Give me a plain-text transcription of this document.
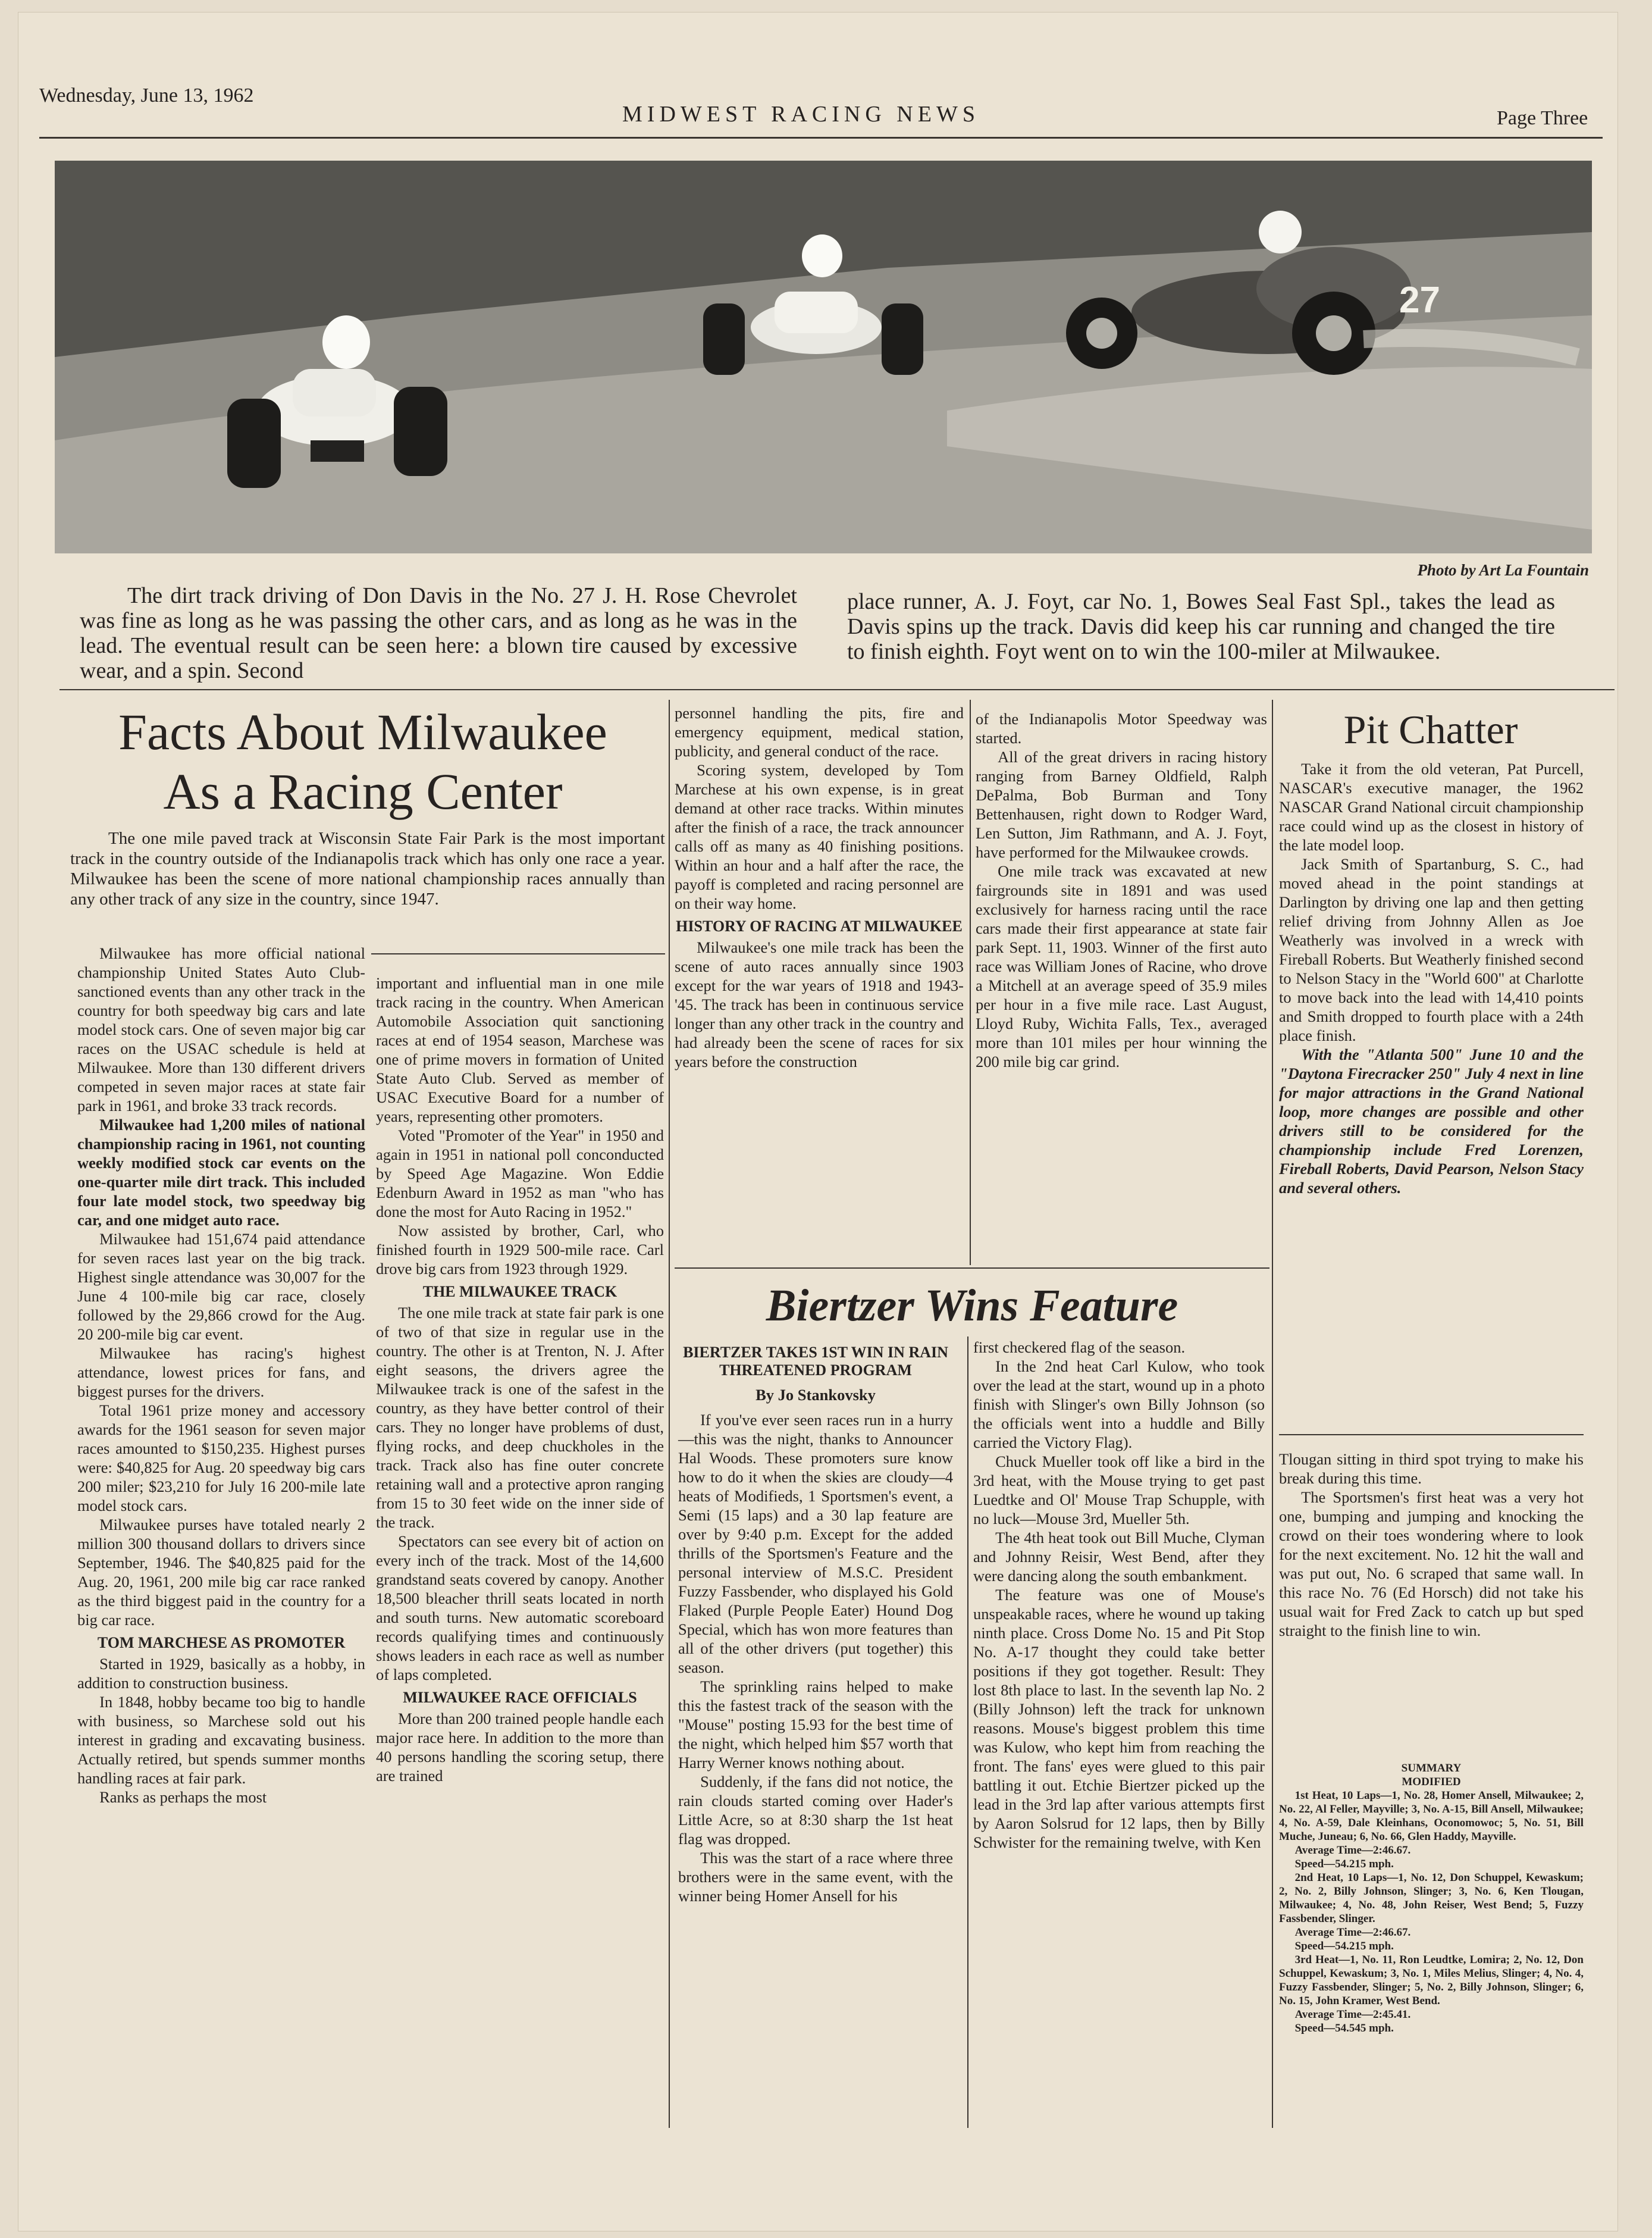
Wednesday, June 13, 1962
MIDWEST RACING NEWS	Page Three
27
Photo by Art La Fountain
The dirt track driving of Don Davis in the No. 27 J. H. Rose Chevrolet was fine as long as he was passing the other cars, and as long as he was in the lead. The eventual result can be seen here: a blown tire caused by excessive wear, and a spin. Second
place runner, A. J. Foyt, car No. 1, Bowes Seal Fast Spl., takes the lead as Davis spins up the track. Davis did keep his car running and changed the tire to finish eighth. Foyt went on to win the 100-miler at Milwaukee.
Facts About Milwaukee
As a Racing Center
The one mile paved track at Wisconsin State Fair Park is the most important track in the country outside of the Indianapolis track which has only one race a year. Milwaukee has been the scene of more national championship races annually than any other track of any size in the country, since 1947.

Milwaukee has more official national championship United States Auto Club-sanctioned events than any other track in the country for both speedway big cars and late model stock cars. One of seven major big car races on the USAC schedule is held at Milwaukee. More than 130 different drivers competed in seven major races at state fair park in 1961, and broke 33 track records.

Milwaukee had 1,200 miles of national championship racing in 1961, not counting weekly modified stock car events on the one-quarter mile dirt track. This included four late model stock, two speedway big car, and one midget auto race.

Milwaukee had 151,674 paid attendance for seven races last year on the big track. Highest single attendance was 30,007 for the June 4 100-mile big car race, closely followed by the 29,866 crowd for the Aug. 20 200-mile big car event.

Milwaukee has racing's highest attendance, lowest prices for fans, and biggest purses for the drivers.

Total 1961 prize money and accessory awards for the 1961 season for seven major races amounted to $150,235. Highest purses were: $40,825 for Aug. 20 speedway big cars 200 miler; $23,210 for July 16 200-mile late model stock cars.

Milwaukee purses have totaled nearly 2 million 300 thousand dollars to drivers since September, 1946. The $40,825 paid for the Aug. 20, 1961, 200 mile big car race ranked as the third biggest paid in the country for a big car race.

TOM MARCHESE AS PROMOTER

Started in 1929, basically as a hobby, in addition to construction business.

In 1848, hobby became too big to handle with business, so Marchese sold out his interest in grading and excavating business. Actually retired, but spends summer months handling races at fair park.

Ranks as perhaps the most

important and influential man in one mile track racing in the country. When American Automobile Association quit sanctioning races at end of 1954 season, Marchese was one of prime movers in formation of United State Auto Club. Served as member of USAC Executive Board for a number of years, representing other promoters.

Voted "Promoter of the Year" in 1950 and again in 1951 in national poll conconducted by Speed Age Magazine. Won Eddie Edenburn Award in 1952 as man "who has done the most for Auto Racing in 1952."

Now assisted by brother, Carl, who finished fourth in 1929 500-mile race. Carl drove big cars from 1923 through 1929.

THE MILWAUKEE TRACK

The one mile track at state fair park is one of two of that size in regular use in the country. The other is at Trenton, N. J. After eight seasons, the drivers agree the Milwaukee track is one of the safest in the country, as they have better control of their cars. They no longer have problems of dust, flying rocks, and deep chuckholes in the track. Track also has fine outer concrete retaining wall and a protective apron ranging from 15 to 30 feet wide on the inner side of the track.

Spectators can see every bit of action on every inch of the track. Most of the 14,600 grandstand seats covered by canopy. Another 18,500 bleacher thrill seats located in north and south turns. New automatic scoreboard records qualifying times and continuously shows leaders in each race as well as number of laps completed.

MILWAUKEE RACE OFFICIALS

More than 200 trained people handle each major race here. In addition to the more than 40 persons handling the scoring setup, there are trained

personnel handling the pits, fire and emergency equipment, medical station, publicity, and general conduct of the race.

Scoring system, developed by Tom Marchese at his own expense, is in great demand at other race tracks. Within minutes after the finish of a race, the track announcer calls off as many as 40 finishing positions. Within an hour and a half after the race, the payoff is completed and racing personnel are on their way home.

HISTORY OF RACING AT MILWAUKEE

Milwaukee's one mile track has been the scene of auto races annually since 1903 except for the war years of 1918 and 1943-'45. The track has been in continuous service longer than any other track in the country and had already been the scene of races for six years before the construction

of the Indianapolis Motor Speedway was started.

All of the great drivers in racing history ranging from Barney Oldfield, Ralph DePalma, Bob Burman and Tony Bettenhausen, right down to Rodger Ward, Len Sutton, Jim Rathmann, and A. J. Foyt, have performed for the Milwaukee crowds.

One mile track was excavated at new fairgrounds site in 1891 and was used exclusively for harness racing until the race cars made their first appearance at state fair park Sept. 11, 1903. Winner of the first auto race was William Jones of Racine, who drove a Mitchell at an average speed of 35.9 miles per hour in a five mile race. Last August, Lloyd Ruby, Wichita Falls, Tex., averaged more than 101 miles per hour winning the 200 mile big car grind.

Pit Chatter

Take it from the old veteran, Pat Purcell, NASCAR's executive manager, the 1962 NASCAR Grand National circuit championship race could wind up as the closest in history of the late model loop.

Jack Smith of Spartanburg, S. C., had moved ahead in the point standings at Darlington by driving one lap and then getting relief driving from Johnny Allen as Joe Weatherly was involved in a wreck with Fireball Roberts. But Weatherly finished second to Nelson Stacy in the "World 600" at Charlotte to move back into the lead with 14,410 points and Smith dropped to fourth place with a 24th place finish.

With the "Atlanta 500" June 10 and the "Daytona Firecracker 250" July 4 next in line for major attractions in the Grand National loop, more changes are possible and other drivers still to be considered for the championship include Fred Lorenzen, Fireball Roberts, David Pearson, Nelson Stacy and several others.

Biertzer Wins Feature

BIERTZER TAKES 1ST WIN IN RAIN THREATENED PROGRAM

By Jo Stankovsky

If you've ever seen races run in a hurry—this was the night, thanks to Announcer Hal Woods. These promoters sure know how to do it when the skies are cloudy—4 heats of Modifieds, 1 Sportsmen's event, a Semi (15 laps) and a 30 lap feature are over by 9:40 p.m. Except for the added thrills of the Sportsmen's Feature and the personal interview of M.S.C. President Fuzzy Fassbender, who displayed his Gold Flaked (Purple People Eater) Hound Dog Special, which has won more features than all of the other drivers (put together) this season.

The sprinkling rains helped to make this the fastest track of the season with the "Mouse" posting 15.93 for the best time of the night, which helped him $57 worth that Harry Werner knows nothing about.

Suddenly, if the fans did not notice, the rain clouds started coming over Hader's Little Acre, so at 8:30 sharp the 1st heat flag was dropped.

This was the start of a race where three brothers were in the same event, with the winner being Homer Ansell for his

first checkered flag of the season.

In the 2nd heat Carl Kulow, who took over the lead at the start, wound up in a photo finish with Slinger's own Billy Johnson (so the officials went into a huddle and Billy carried the Victory Flag).

Chuck Mueller took off like a bird in the 3rd heat, with the Mouse trying to get past Luedtke and Ol' Mouse Trap Schupple, with no luck—Mouse 3rd, Mueller 5th.

The 4th heat took out Bill Muche, Clyman and Johnny Reisir, West Bend, after they were dancing along the south embankment.

The feature was one of Mouse's unspeakable races, where he wound up taking ninth place. Cross Dome No. 15 and Pit Stop No. A-17 thought they could take better positions if they got together. Result: They lost 8th place to last. In the seventh lap No. 2 (Billy Johnson) left the track for unknown reasons. Mouse's biggest problem this time was Kulow, who kept him from reaching the front. The fans' eyes were glued to this pair battling it out. Etchie Biertzer picked up the lead in the 3rd lap after various attempts first by Aaron Solsrud for 12 laps, then by Billy Schwister for the remaining twelve, with Ken

Tlougan sitting in third spot trying to make his break during this time.

The Sportsmen's first heat was a very hot one, bumping and jumping and knocking the crowd on their toes wondering where to look for the next excitement. No. 12 hit the wall and was put out, No. 6 scraped that same wall. In this race No. 76 (Ed Horsch) did not take his usual wait for Fred Zack to catch up but sped straight to the finish line to win.

SUMMARY

MODIFIED

1st Heat, 10 Laps—1, No. 28, Homer Ansell, Milwaukee; 2, No. 22, Al Feller, Mayville; 3, No. A-15, Bill Ansell, Milwaukee; 4, No. A-59, Dale Kleinhans, Oconomowoc; 5, No. 51, Bill Muche, Juneau; 6, No. 66, Glen Haddy, Mayville.

Average Time—2:46.67.

Speed—54.215 mph.

2nd Heat, 10 Laps—1, No. 12, Don Schuppel, Kewaskum; 2, No. 2, Billy Johnson, Slinger; 3, No. 6, Ken Tlougan, Milwaukee; 4, No. 48, John Reiser, West Bend; 5, Fuzzy Fassbender, Slinger.

Average Time—2:46.67.

Speed—54.215 mph.

3rd Heat—1, No. 11, Ron Leudtke, Lomira; 2, No. 12, Don Schuppel, Kewaskum; 3, No. 1, Miles Melius, Slinger; 4, No. 4, Fuzzy Fassbender, Slinger; 5, No. 2, Billy Johnson, Slinger; 6, No. 15, John Kramer, West Bend.

Average Time—2:45.41.

Speed—54.545 mph.
